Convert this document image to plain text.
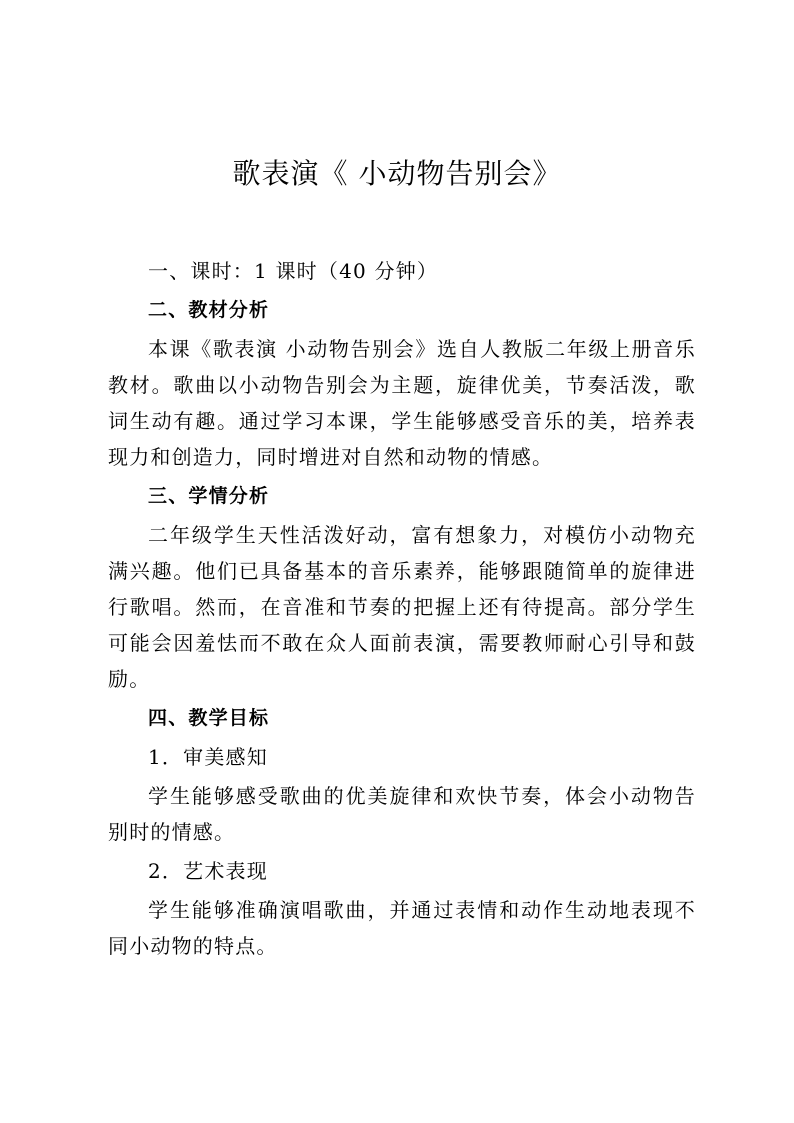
歌表演《 小动物告别会》

一、课时：1 课时（40 分钟）

二、教材分析

本课《歌表演 小动物告别会》选自人教版二年级上册音乐教材。歌曲以小动物告别会为主题，旋律优美，节奏活泼，歌词生动有趣。通过学习本课，学生能够感受音乐的美，培养表现力和创造力，同时增进对自然和动物的情感。

三、学情分析

二年级学生天性活泼好动，富有想象力，对模仿小动物充满兴趣。他们已具备基本的音乐素养，能够跟随简单的旋律进行歌唱。然而，在音准和节奏的把握上还有待提高。部分学生可能会因羞怯而不敢在众人面前表演，需要教师耐心引导和鼓励。

四、教学目标

1．审美感知

学生能够感受歌曲的优美旋律和欢快节奏，体会小动物告别时的情感。

2．艺术表现

学生能够准确演唱歌曲，并通过表情和动作生动地表现不同小动物的特点。
